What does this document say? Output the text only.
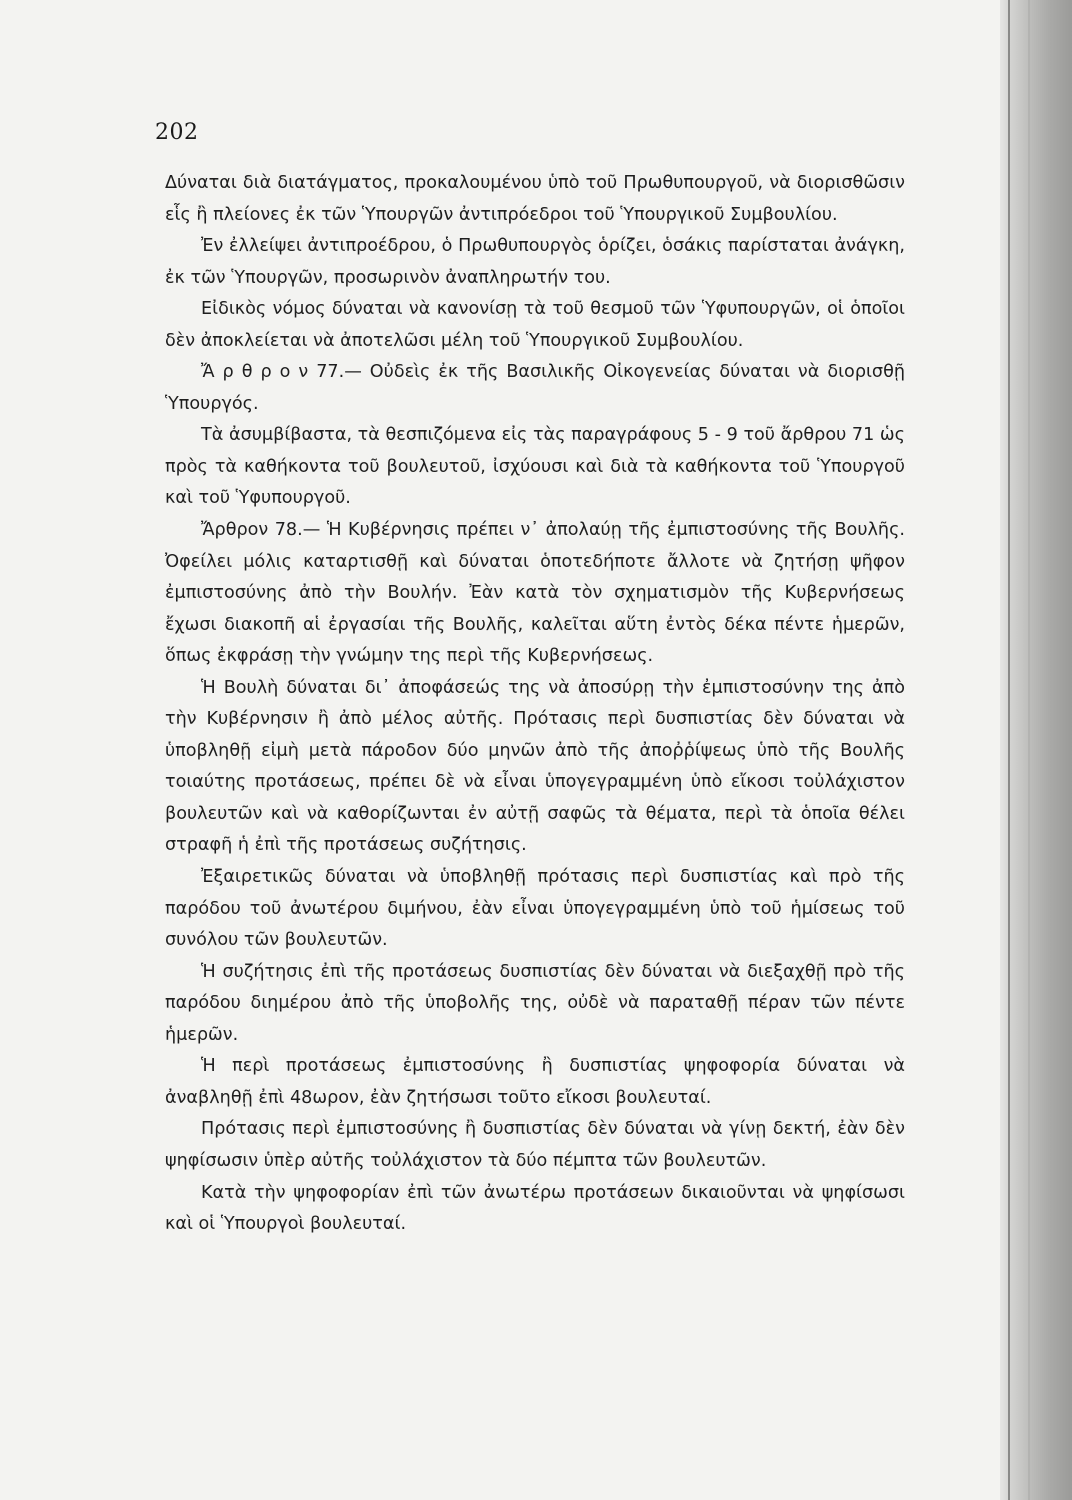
202

Δύναται διὰ διατάγματος, προκαλουμένου ὑπὸ τοῦ Πρωθυπουργοῦ, νὰ διορισθῶσιν εἷς ἢ πλείονες ἐκ τῶν Ὑπουργῶν ἀντιπρόεδροι τοῦ Ὑπουργικοῦ Συμβουλίου.

Ἐν ἐλλείψει ἀντιπροέδρου, ὁ Πρωθυπουργὸς ὁρίζει, ὁσάκις παρίσταται ἀνάγκη, ἐκ τῶν Ὑπουργῶν, προσωρινὸν ἀναπληρωτήν του.

Εἰδικὸς νόμος δύναται νὰ κανονίσῃ τὰ τοῦ θεσμοῦ τῶν Ὑφυπουργῶν, οἱ ὁποῖοι δὲν ἀποκλείεται νὰ ἀποτελῶσι μέλη τοῦ Ὑπουργικοῦ Συμβουλίου.

Ἄ ρ θ ρ ο ν 77.— Οὐδεὶς ἐκ τῆς Βασιλικῆς Οἰκογενείας δύναται νὰ διορισθῇ Ὑπουργός.

Τὰ ἀσυμβίβαστα, τὰ θεσπιζόμενα εἰς τὰς παραγράφους 5 - 9 τοῦ ἄρθρου 71 ὡς πρὸς τὰ καθήκοντα τοῦ βουλευτοῦ, ἰσχύουσι καὶ διὰ τὰ καθήκοντα τοῦ Ὑπουργοῦ καὶ τοῦ Ὑφυπουργοῦ.

Ἄρθρον 78.— Ἡ Κυβέρνησις πρέπει ν᾽ ἀπολαύῃ τῆς ἐμπιστοσύνης τῆς Βουλῆς. Ὀφείλει μόλις καταρτισθῇ καὶ δύναται ὁποτεδήποτε ἄλλοτε νὰ ζητήσῃ ψῆφον ἐμπιστοσύνης ἀπὸ τὴν Βουλήν. Ἐὰν κατὰ τὸν σχηματισμὸν τῆς Κυβερνήσεως ἔχωσι διακοπῆ αἱ ἐργασίαι τῆς Βουλῆς, καλεῖται αὕτη ἐντὸς δέκα πέντε ἡμερῶν, ὅπως ἐκφράσῃ τὴν γνώμην της περὶ τῆς Κυβερνήσεως.

Ἡ Βουλὴ δύναται δι᾽ ἀποφάσεώς της νὰ ἀποσύρῃ τὴν ἐμπιστοσύνην της ἀπὸ τὴν Κυβέρνησιν ἢ ἀπὸ μέλος αὐτῆς. Πρότασις περὶ δυσπιστίας δὲν δύναται νὰ ὑποβληθῇ εἰμὴ μετὰ πάροδον δύο μηνῶν ἀπὸ τῆς ἀποῤῥίψεως ὑπὸ τῆς Βουλῆς τοιαύτης προτάσεως, πρέπει δὲ νὰ εἶναι ὑπογεγραμμένη ὑπὸ εἴκοσι τοὐλάχιστον βουλευτῶν καὶ νὰ καθορίζωνται ἐν αὐτῇ σαφῶς τὰ θέματα, περὶ τὰ ὁποῖα θέλει στραφῆ ἡ ἐπὶ τῆς προτάσεως συζήτησις.

Ἐξαιρετικῶς δύναται νὰ ὑποβληθῇ πρότασις περὶ δυσπιστίας καὶ πρὸ τῆς παρόδου τοῦ ἀνωτέρου διμήνου, ἐὰν εἶναι ὑπογεγραμμένη ὑπὸ τοῦ ἡμίσεως τοῦ συνόλου τῶν βουλευτῶν.

Ἡ συζήτησις ἐπὶ τῆς προτάσεως δυσπιστίας δὲν δύναται νὰ διεξαχθῇ πρὸ τῆς παρόδου διημέρου ἀπὸ τῆς ὑποβολῆς της, οὐδὲ νὰ παραταθῇ πέραν τῶν πέντε ἡμερῶν.

Ἡ περὶ προτάσεως ἐμπιστοσύνης ἢ δυσπιστίας ψηφοφορία δύναται νὰ ἀναβληθῇ ἐπὶ 48ωρον, ἐὰν ζητήσωσι τοῦτο εἴκοσι βουλευταί.

Πρότασις περὶ ἐμπιστοσύνης ἢ δυσπιστίας δὲν δύναται νὰ γίνῃ δεκτή, ἐὰν δὲν ψηφίσωσιν ὑπὲρ αὐτῆς τοὐλάχιστον τὰ δύο πέμπτα τῶν βουλευτῶν.

Κατὰ τὴν ψηφοφορίαν ἐπὶ τῶν ἀνωτέρω προτάσεων δικαιοῦνται νὰ ψηφίσωσι καὶ οἱ Ὑπουργοὶ βουλευταί.
